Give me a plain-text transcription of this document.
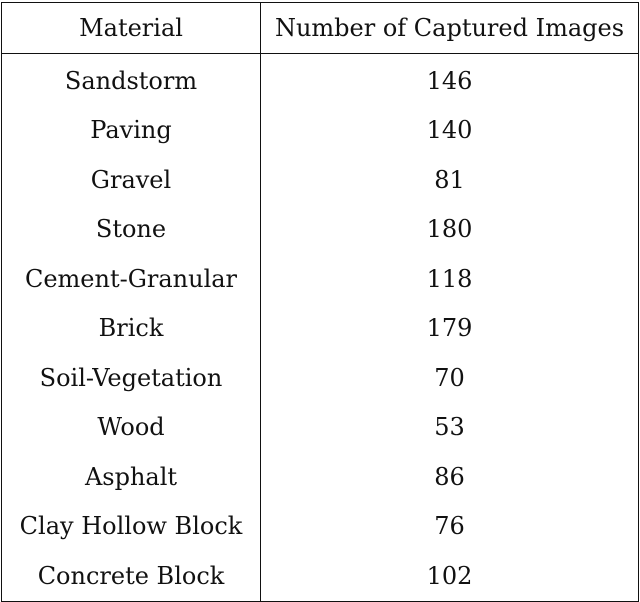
Material	Number of Captured Images
Sandstorm	146
Paving	140
Gravel	81
Stone	180
Cement-Granular	118
Brick	179
Soil-Vegetation	70
Wood	53
Asphalt	86
Clay Hollow Block	76
Concrete Block	102
